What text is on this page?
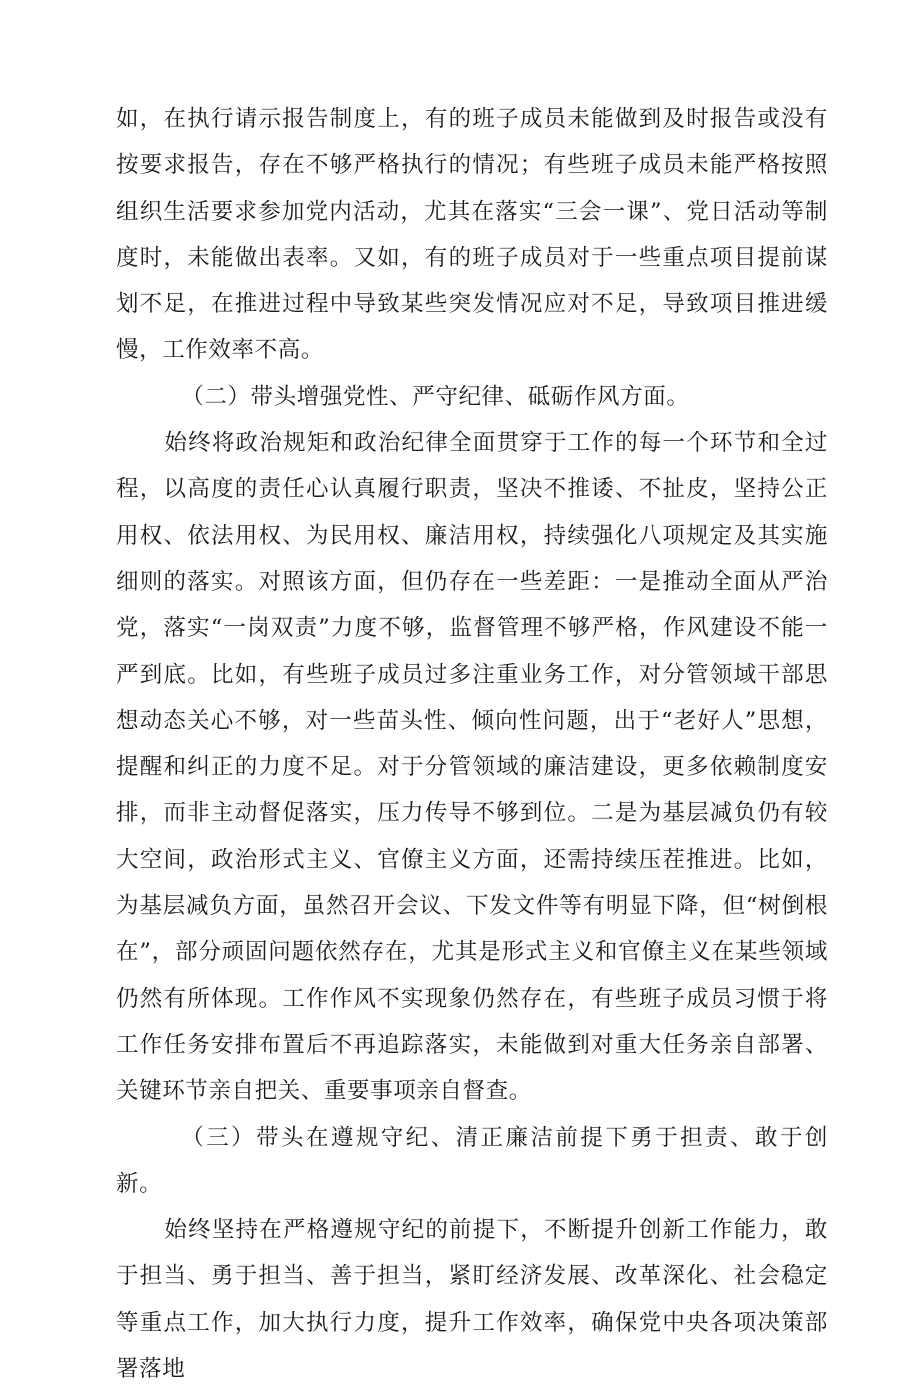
如，在执行请示报告制度上，有的班子成员未能做到及时报告或没有按要求报告，存在不够严格执行的情况；有些班子成员未能严格按照组织生活要求参加党内活动，尤其在落实“三会一课”、党日活动等制度时，未能做出表率。又如，有的班子成员对于一些重点项目提前谋划不足，在推进过程中导致某些突发情况应对不足，导致项目推进缓慢，工作效率不高。

（二）带头增强党性、严守纪律、砥砺作风方面。

始终将政治规矩和政治纪律全面贯穿于工作的每一个环节和全过程，以高度的责任心认真履行职责，坚决不推诿、不扯皮，坚持公正用权、依法用权、为民用权、廉洁用权，持续强化八项规定及其实施细则的落实。对照该方面，但仍存在一些差距：一是推动全面从严治党，落实“一岗双责”力度不够，监督管理不够严格，作风建设不能一严到底。比如，有些班子成员过多注重业务工作，对分管领域干部思想动态关心不够，对一些苗头性、倾向性问题，出于“老好人”思想，提醒和纠正的力度不足。对于分管领域的廉洁建设，更多依赖制度安排，而非主动督促落实，压力传导不够到位。二是为基层减负仍有较大空间，政治形式主义、官僚主义方面，还需持续压茬推进。比如，为基层减负方面，虽然召开会议、下发文件等有明显下降，但“树倒根在”，部分顽固问题依然存在，尤其是形式主义和官僚主义在某些领域仍然有所体现。工作作风不实现象仍然存在，有些班子成员习惯于将工作任务安排布置后不再追踪落实，未能做到对重大任务亲自部署、关键环节亲自把关、重要事项亲自督查。

（三）带头在遵规守纪、清正廉洁前提下勇于担责、敢于创新。

始终坚持在严格遵规守纪的前提下，不断提升创新工作能力，敢于担当、勇于担当、善于担当，紧盯经济发展、改革深化、社会稳定等重点工作，加大执行力度，提升工作效率，确保党中央各项决策部署落地
